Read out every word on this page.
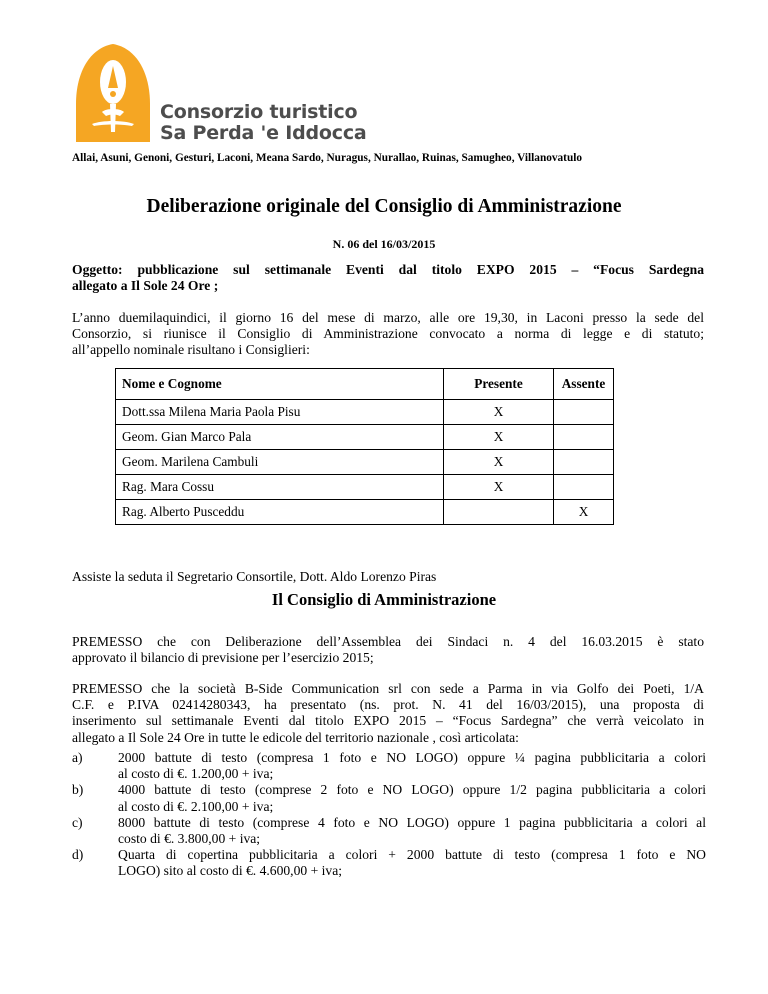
Consorzio turistico
Sa Perda 'e Iddocca
Allai, Asuni, Genoni, Gesturi, Laconi, Meana Sardo, Nuragus, Nurallao, Ruinas, Samugheo, Villanovatulo
Deliberazione originale del Consiglio di Amministrazione
N. 06 del 16/03/2015
Oggetto: pubblicazione sul settimanale Eventi dal titolo EXPO 2015 – “Focus Sardegna
allegato a Il Sole 24 Ore ;
L’anno duemilaquindici, il giorno 16 del mese di marzo, alle ore 19,30, in Laconi presso la sede del
Consorzio, si riunisce il Consiglio di Amministrazione convocato a norma di legge e di statuto;
all’appello nominale risultano i Consiglieri:
Nome e Cognome	Presente	Assente
Dott.ssa Milena Maria Paola Pisu	X	
Geom. Gian Marco Pala	X	
Geom. Marilena Cambuli	X	
Rag. Mara Cossu	X	
Rag. Alberto Pusceddu		X
Assiste la seduta il Segretario Consortile, Dott. Aldo Lorenzo Piras
Il Consiglio di Amministrazione
PREMESSO che con Deliberazione dell’Assemblea dei Sindaci n. 4 del 16.03.2015 è stato
approvato il bilancio di previsione per l’esercizio 2015;
PREMESSO che la società B-Side Communication srl con sede a Parma in via Golfo dei Poeti, 1/A
C.F. e P.IVA 02414280343, ha presentato (ns. prot. N. 41 del 16/03/2015), una proposta di
inserimento sul settimanale Eventi dal titolo EXPO 2015 – “Focus Sardegna” che verrà veicolato in
allegato a Il Sole 24 Ore in tutte le edicole del territorio nazionale , così articolata:
a)	2000 battute di testo (compresa 1 foto e NO LOGO) oppure ¼ pagina pubblicitaria a colori
al costo di €. 1.200,00 + iva;
b)	4000 battute di testo (comprese 2 foto e NO LOGO) oppure 1/2 pagina pubblicitaria a colori
al costo di €. 2.100,00 + iva;
c)	8000 battute di testo (comprese 4 foto e NO LOGO) oppure 1 pagina pubblicitaria a colori al
costo di €. 3.800,00 + iva;
d)	Quarta di copertina pubblicitaria a colori + 2000 battute di testo (compresa 1 foto e NO
LOGO) sito al costo di €. 4.600,00 + iva;
